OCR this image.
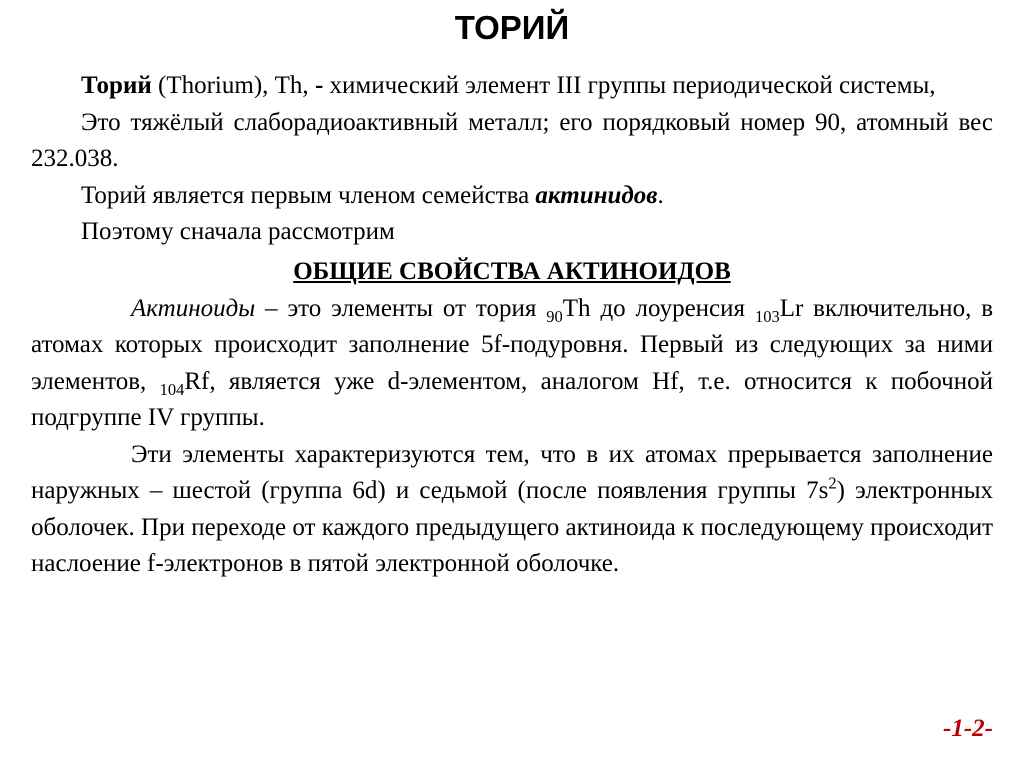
ТОРИЙ

Торий (Thorium), Th, - химический элемент III группы периодической системы,

Это тяжёлый слаборадиоактивный металл; его порядковый номер 90, атомный вес 232.038.

Торий является первым членом семейства актинидов.

Поэтому сначала рассмотрим

ОБЩИЕ СВОЙСТВА АКТИНОИДОВ

Актиноиды – это элементы от тория $_{90}$Th до лоуренсия $_{103}$Lr включительно, в атомах которых происходит заполнение 5f-подуровня. Первый из следующих за ними элементов, $_{104}$Rf, является уже d-элементом, аналогом Hf, т.е. относится к побочной подгруппе IV группы.

Эти элементы характеризуются тем, что в их атомах прерывается заполнение наружных – шестой (группа 6d) и седьмой (после появления группы $7s^2$) электронных оболочек. При переходе от каждого предыдущего актиноида к последующему происходит наслоение f-электронов в пятой электронной оболочке.

-1-2-
